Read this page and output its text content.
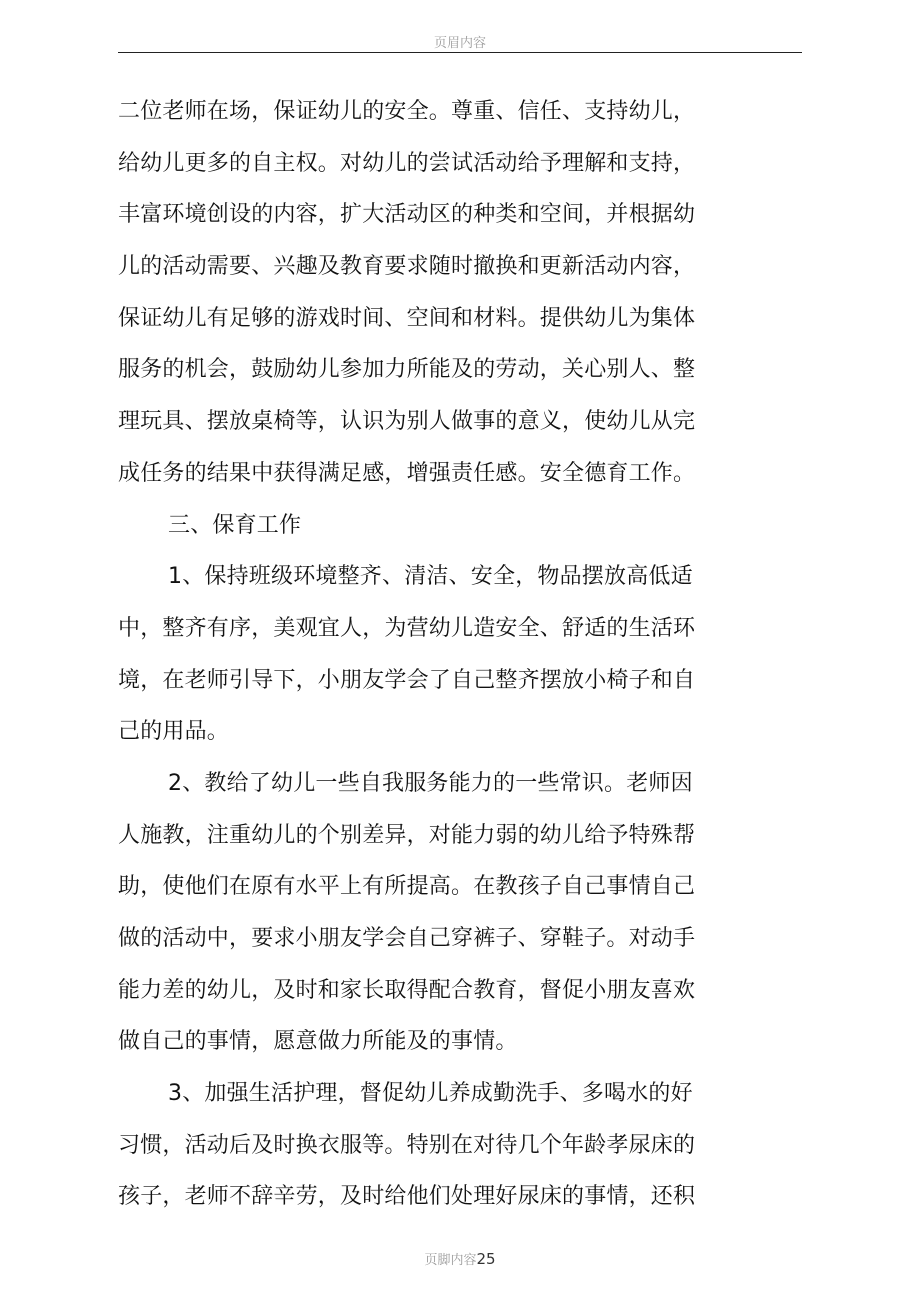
页眉内容
二位老师在场，保证幼儿的安全。尊重、信任、支持幼儿，
给幼儿更多的自主权。对幼儿的尝试活动给予理解和支持，
丰富环境创设的内容，扩大活动区的种类和空间，并根据幼
儿的活动需要、兴趣及教育要求随时撤换和更新活动内容，
保证幼儿有足够的游戏时间、空间和材料。提供幼儿为集体
服务的机会，鼓励幼儿参加力所能及的劳动，关心别人、整
理玩具、摆放桌椅等，认识为别人做事的意义，使幼儿从完
成任务的结果中获得满足感，增强责任感。安全德育工作。
三、保育工作
1、保持班级环境整齐、清洁、安全，物品摆放高低适
中，整齐有序，美观宜人，为营幼儿造安全、舒适的生活环
境，在老师引导下，小朋友学会了自己整齐摆放小椅子和自
己的用品。
2、教给了幼儿一些自我服务能力的一些常识。老师因
人施教，注重幼儿的个别差异，对能力弱的幼儿给予特殊帮
助，使他们在原有水平上有所提高。在教孩子自己事情自己
做的活动中，要求小朋友学会自己穿裤子、穿鞋子。对动手
能力差的幼儿，及时和家长取得配合教育，督促小朋友喜欢
做自己的事情，愿意做力所能及的事情。
3、加强生活护理，督促幼儿养成勤洗手、多喝水的好
习惯，活动后及时换衣服等。特别在对待几个年龄孝尿床的
孩子，老师不辞辛劳，及时给他们处理好尿床的事情，还积
页脚内容25
